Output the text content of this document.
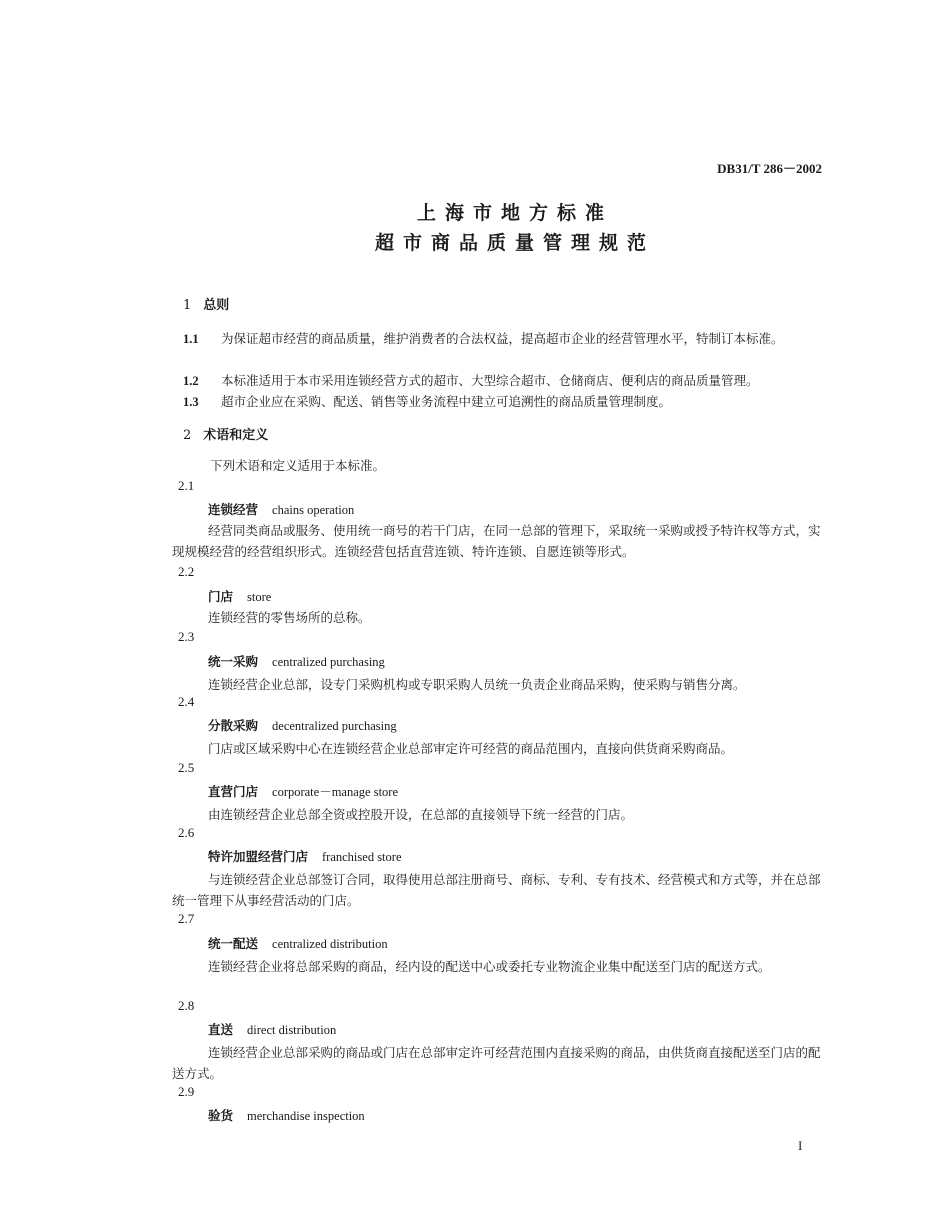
DB31/T 286－2002
上海市地方标准
超市商品质量管理规范
1 总则
1.1 为保证超市经营的商品质量，维护消费者的合法权益，提高超市企业的经营管理水平，特制订本标准。
1.2 本标准适用于本市采用连锁经营方式的超市、大型综合超市、仓储商店、便利店的商品质量管理。
1.3 超市企业应在采购、配送、销售等业务流程中建立可追溯性的商品质量管理制度。
2 术语和定义
下列术语和定义适用于本标准。
2.1
连锁经营 chains operation
经营同类商品或服务、使用统一商号的若干门店，在同一总部的管理下，采取统一采购或授予特许权等方式，实现规模经营的经营组织形式。连锁经营包括直营连锁、特许连锁、自愿连锁等形式。
2.2
门店 store
连锁经营的零售场所的总称。
2.3
统一采购 centralized purchasing
连锁经营企业总部，设专门采购机构或专职采购人员统一负责企业商品采购，使采购与销售分离。
2.4
分散采购 decentralized purchasing
门店或区域采购中心在连锁经营企业总部审定许可经营的商品范围内，直接向供货商采购商品。
2.5
直营门店 corporate－manage store
由连锁经营企业总部全资或控股开设，在总部的直接领导下统一经营的门店。
2.6
特许加盟经营门店 franchised store
与连锁经营企业总部签订合同，取得使用总部注册商号、商标、专利、专有技术、经营模式和方式等，并在总部统一管理下从事经营活动的门店。
2.7
统一配送 centralized distribution
连锁经营企业将总部采购的商品，经内设的配送中心或委托专业物流企业集中配送至门店的配送方式。
2.8
直送 direct distribution
连锁经营企业总部采购的商品或门店在总部审定许可经营范围内直接采购的商品，由供货商直接配送至门店的配送方式。
2.9
验货 merchandise inspection
I
